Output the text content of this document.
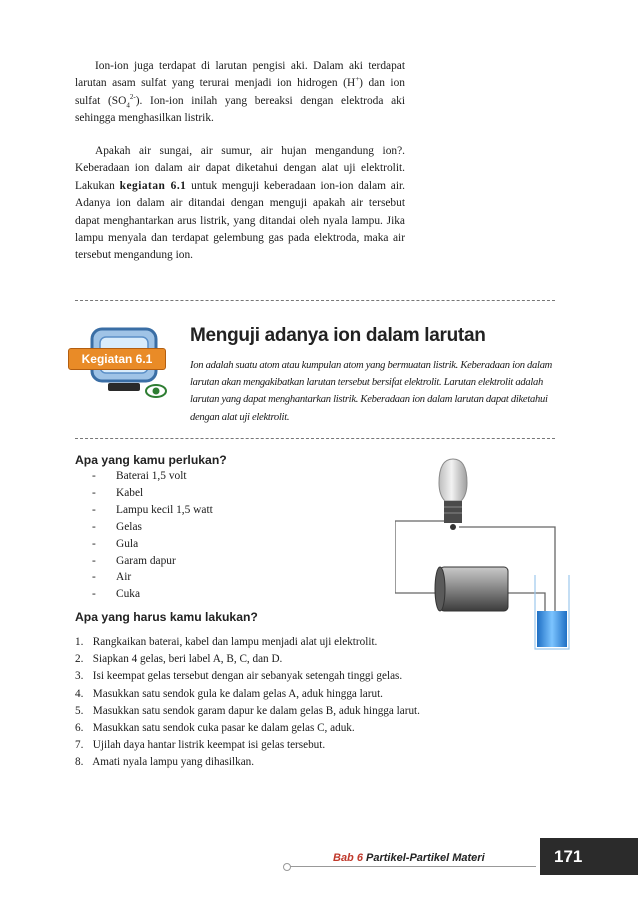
Ion-ion juga terdapat di larutan pengisi aki. Dalam aki terdapat larutan asam sulfat yang terurai menjadi ion hidrogen (H+) dan ion sulfat $(SO_4^{2-})$. Ion-ion inilah yang bereaksi dengan elektroda aki sehingga menghasilkan listrik.

Apakah air sungai, air sumur, air hujan mengandung ion?. Keberadaan ion dalam air dapat diketahui dengan alat uji elektrolit. Lakukan kegiatan 6.1 untuk menguji keberadaan ion-ion dalam air. Adanya ion dalam air ditandai dengan menguji apakah air tersebut dapat menghantarkan arus listrik, yang ditandai oleh nyala lampu. Jika lampu menyala dan terdapat gelembung gas pada elektroda, maka air tersebut mengandung ion.

Kegiatan 6.1
Menguji adanya ion dalam larutan

Ion adalah suatu atom atau kumpulan atom yang bermuatan listrik. Keberadaan ion dalam larutan akan mengakibatkan larutan tersebut bersifat elektrolit. Larutan elektrolit adalah larutan yang dapat menghantarkan listrik. Keberadaan ion dalam larutan dapat diketahui dengan alat uji elektrolit.

Apa yang kamu perlukan?
- Baterai 1,5 volt
- Kabel
- Lampu kecil 1,5 watt
- Gelas
- Gula
- Garam dapur
- Air
- Cuka
Apa yang harus kamu lakukan?
1. Rangkaikan baterai, kabel dan lampu menjadi alat uji elektrolit.
2. Siapkan 4 gelas, beri label A, B, C, dan D.
3. Isi keempat gelas tersebut dengan air sebanyak setengah tinggi gelas.
4. Masukkan satu sendok gula ke dalam gelas A, aduk hingga larut.
5. Masukkan satu sendok garam dapur ke dalam gelas B, aduk hingga larut.
6. Masukkan satu sendok cuka pasar ke dalam gelas C, aduk.
7. Ujilah daya hantar listrik keempat isi gelas tersebut.
8. Amati nyala lampu yang dihasilkan.
Bab 6 Partikel-Partikel Materi	171
